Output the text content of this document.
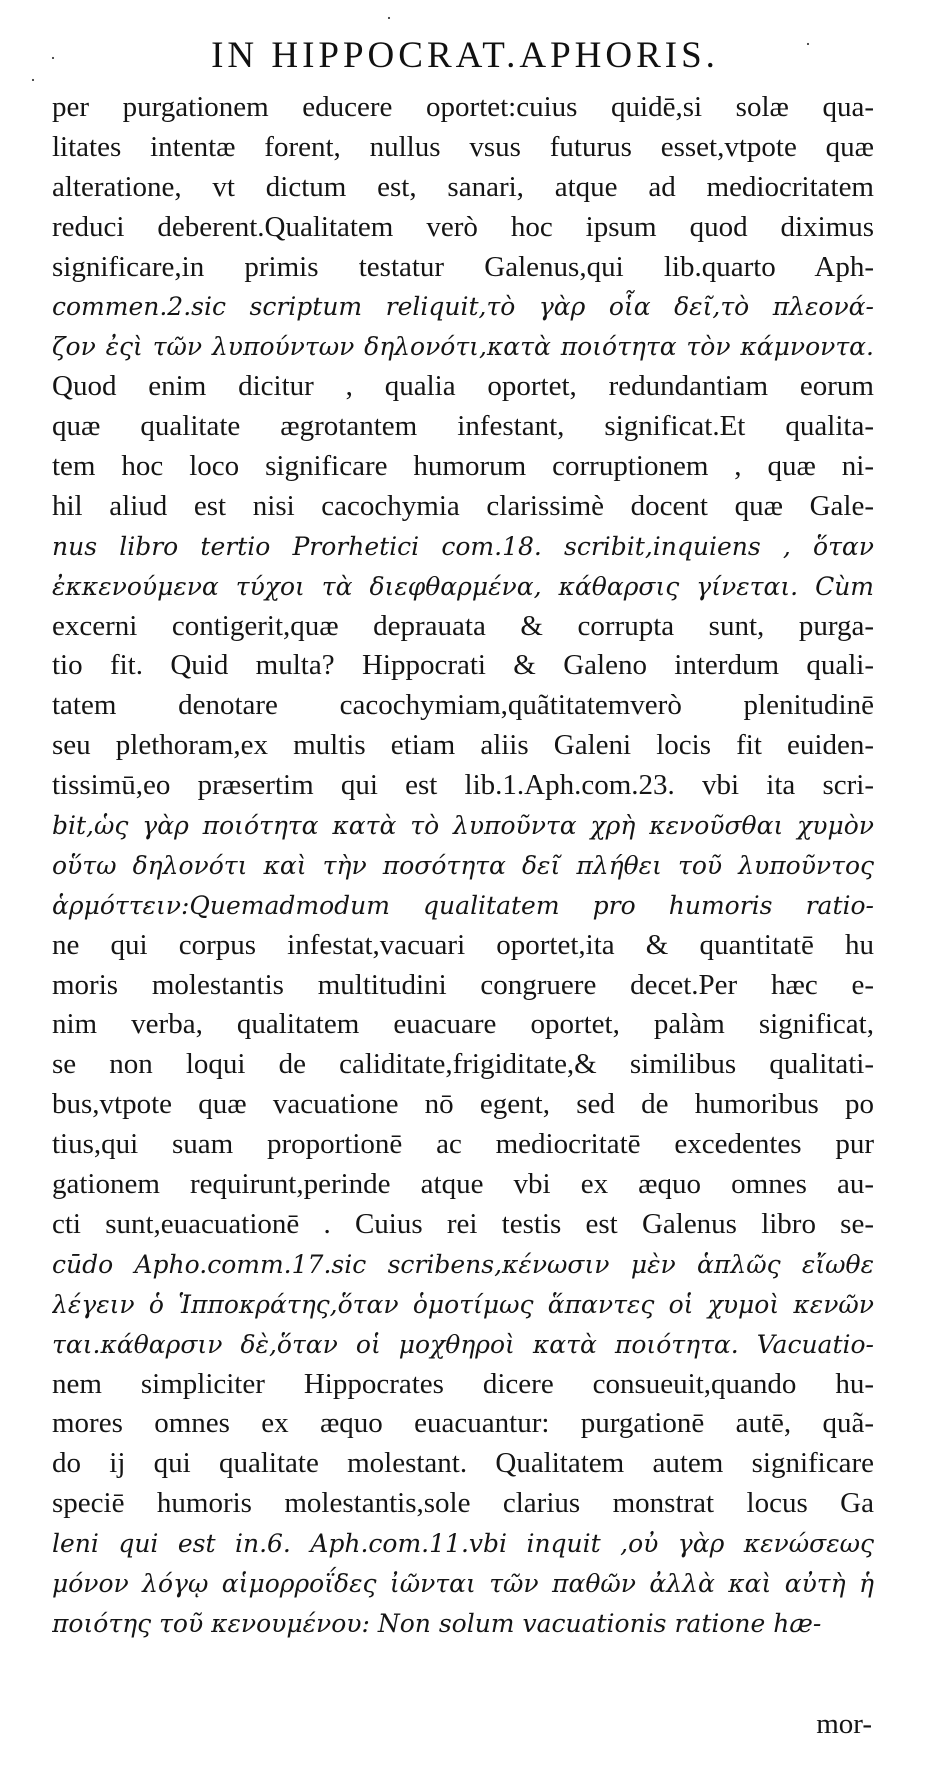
·
·
·
·
IN HIPPOCRAT.APHORIS.
per purgationem educere oportet:cuius quidē,si solæ qua-
litates intentæ forent, nullus vsus futurus esset,vtpote quæ
alteratione, vt dictum est, sanari, atque ad mediocritatem
reduci deberent.Qualitatem verò hoc ipsum quod diximus
significare,in primis testatur Galenus,qui lib.quarto Aph-
commen.2.sic scriptum reliquit,τὸ γὰρ οἷα δεῖ,τὸ πλεονά-
ζον ἐςὶ τῶν λυπούντων δηλονότι,κατὰ ποιότητα τὸν κάμνοντα.
Quod enim dicitur , qualia oportet, redundantiam eorum
quæ qualitate ægrotantem infestant, significat.Et qualita-
tem hoc loco significare humorum corruptionem , quæ ni-
hil aliud est nisi cacochymia clarissimè docent quæ Gale-
nus libro tertio Prorhetici com.18. scribit,inquiens , ὅταν
ἐκκενούμενα τύχοι τὰ διεφθαρμένα, κάθαρσις γίνεται. Cùm
excerni contigerit,quæ deprauata & corrupta sunt, purga-
tio fit. Quid multa? Hippocrati & Galeno interdum quali-
tatem denotare cacochymiam,quãtitatemverò plenitudinē
seu plethoram,ex multis etiam aliis Galeni locis fit euiden-
tissimū,eo præsertim qui est lib.1.Aph.com.23. vbi ita scri-
bit,ὡς γὰρ ποιότητα κατὰ τὸ λυποῦντα χρὴ κενοῦσθαι χυμὸν
οὕτω δηλονότι καὶ τὴν ποσότητα δεῖ πλήθει τοῦ λυποῦντος
ἁρμόττειν:Quemadmodum qualitatem pro humoris ratio-
ne qui corpus infestat,vacuari oportet,ita & quantitatē hu
moris molestantis multitudini congruere decet.Per hæc e-
nim verba, qualitatem euacuare oportet, palàm significat,
se non loqui de caliditate,frigiditate,& similibus qualitati-
bus,vtpote quæ vacuatione nō egent, sed de humoribus po
tius,qui suam proportionē ac mediocritatē excedentes pur
gationem requirunt,perinde atque vbi ex æquo omnes au-
cti sunt,euacuationē . Cuius rei testis est Galenus libro se-
cūdo Apho.comm.17.sic scribens,κένωσιν μὲν ἁπλῶς εἴωθε
λέγειν ὁ Ἱπποκράτης,ὅταν ὁμοτίμως ἅπαντες οἱ χυμοὶ κενῶν
ται.κάθαρσιν δὲ,ὅταν οἱ μοχθηροὶ κατὰ ποιότητα. Vacuatio-
nem simpliciter Hippocrates dicere consueuit,quando hu-
mores omnes ex æquo euacuantur: purgationē autē, quã-
do ij qui qualitate molestant. Qualitatem autem significare
speciē humoris molestantis,sole clarius monstrat locus Ga
leni qui est in.6. Aph.com.11.vbi inquit ,οὐ γὰρ κενώσεως
μόνον λόγῳ αἱμορροΐδες ἰῶνται τῶν παθῶν ἀλλὰ καὶ αὐτὴ ἡ
ποιότης τοῦ κενουμένου: Non solum vacuationis ratione hæ-
mor-
